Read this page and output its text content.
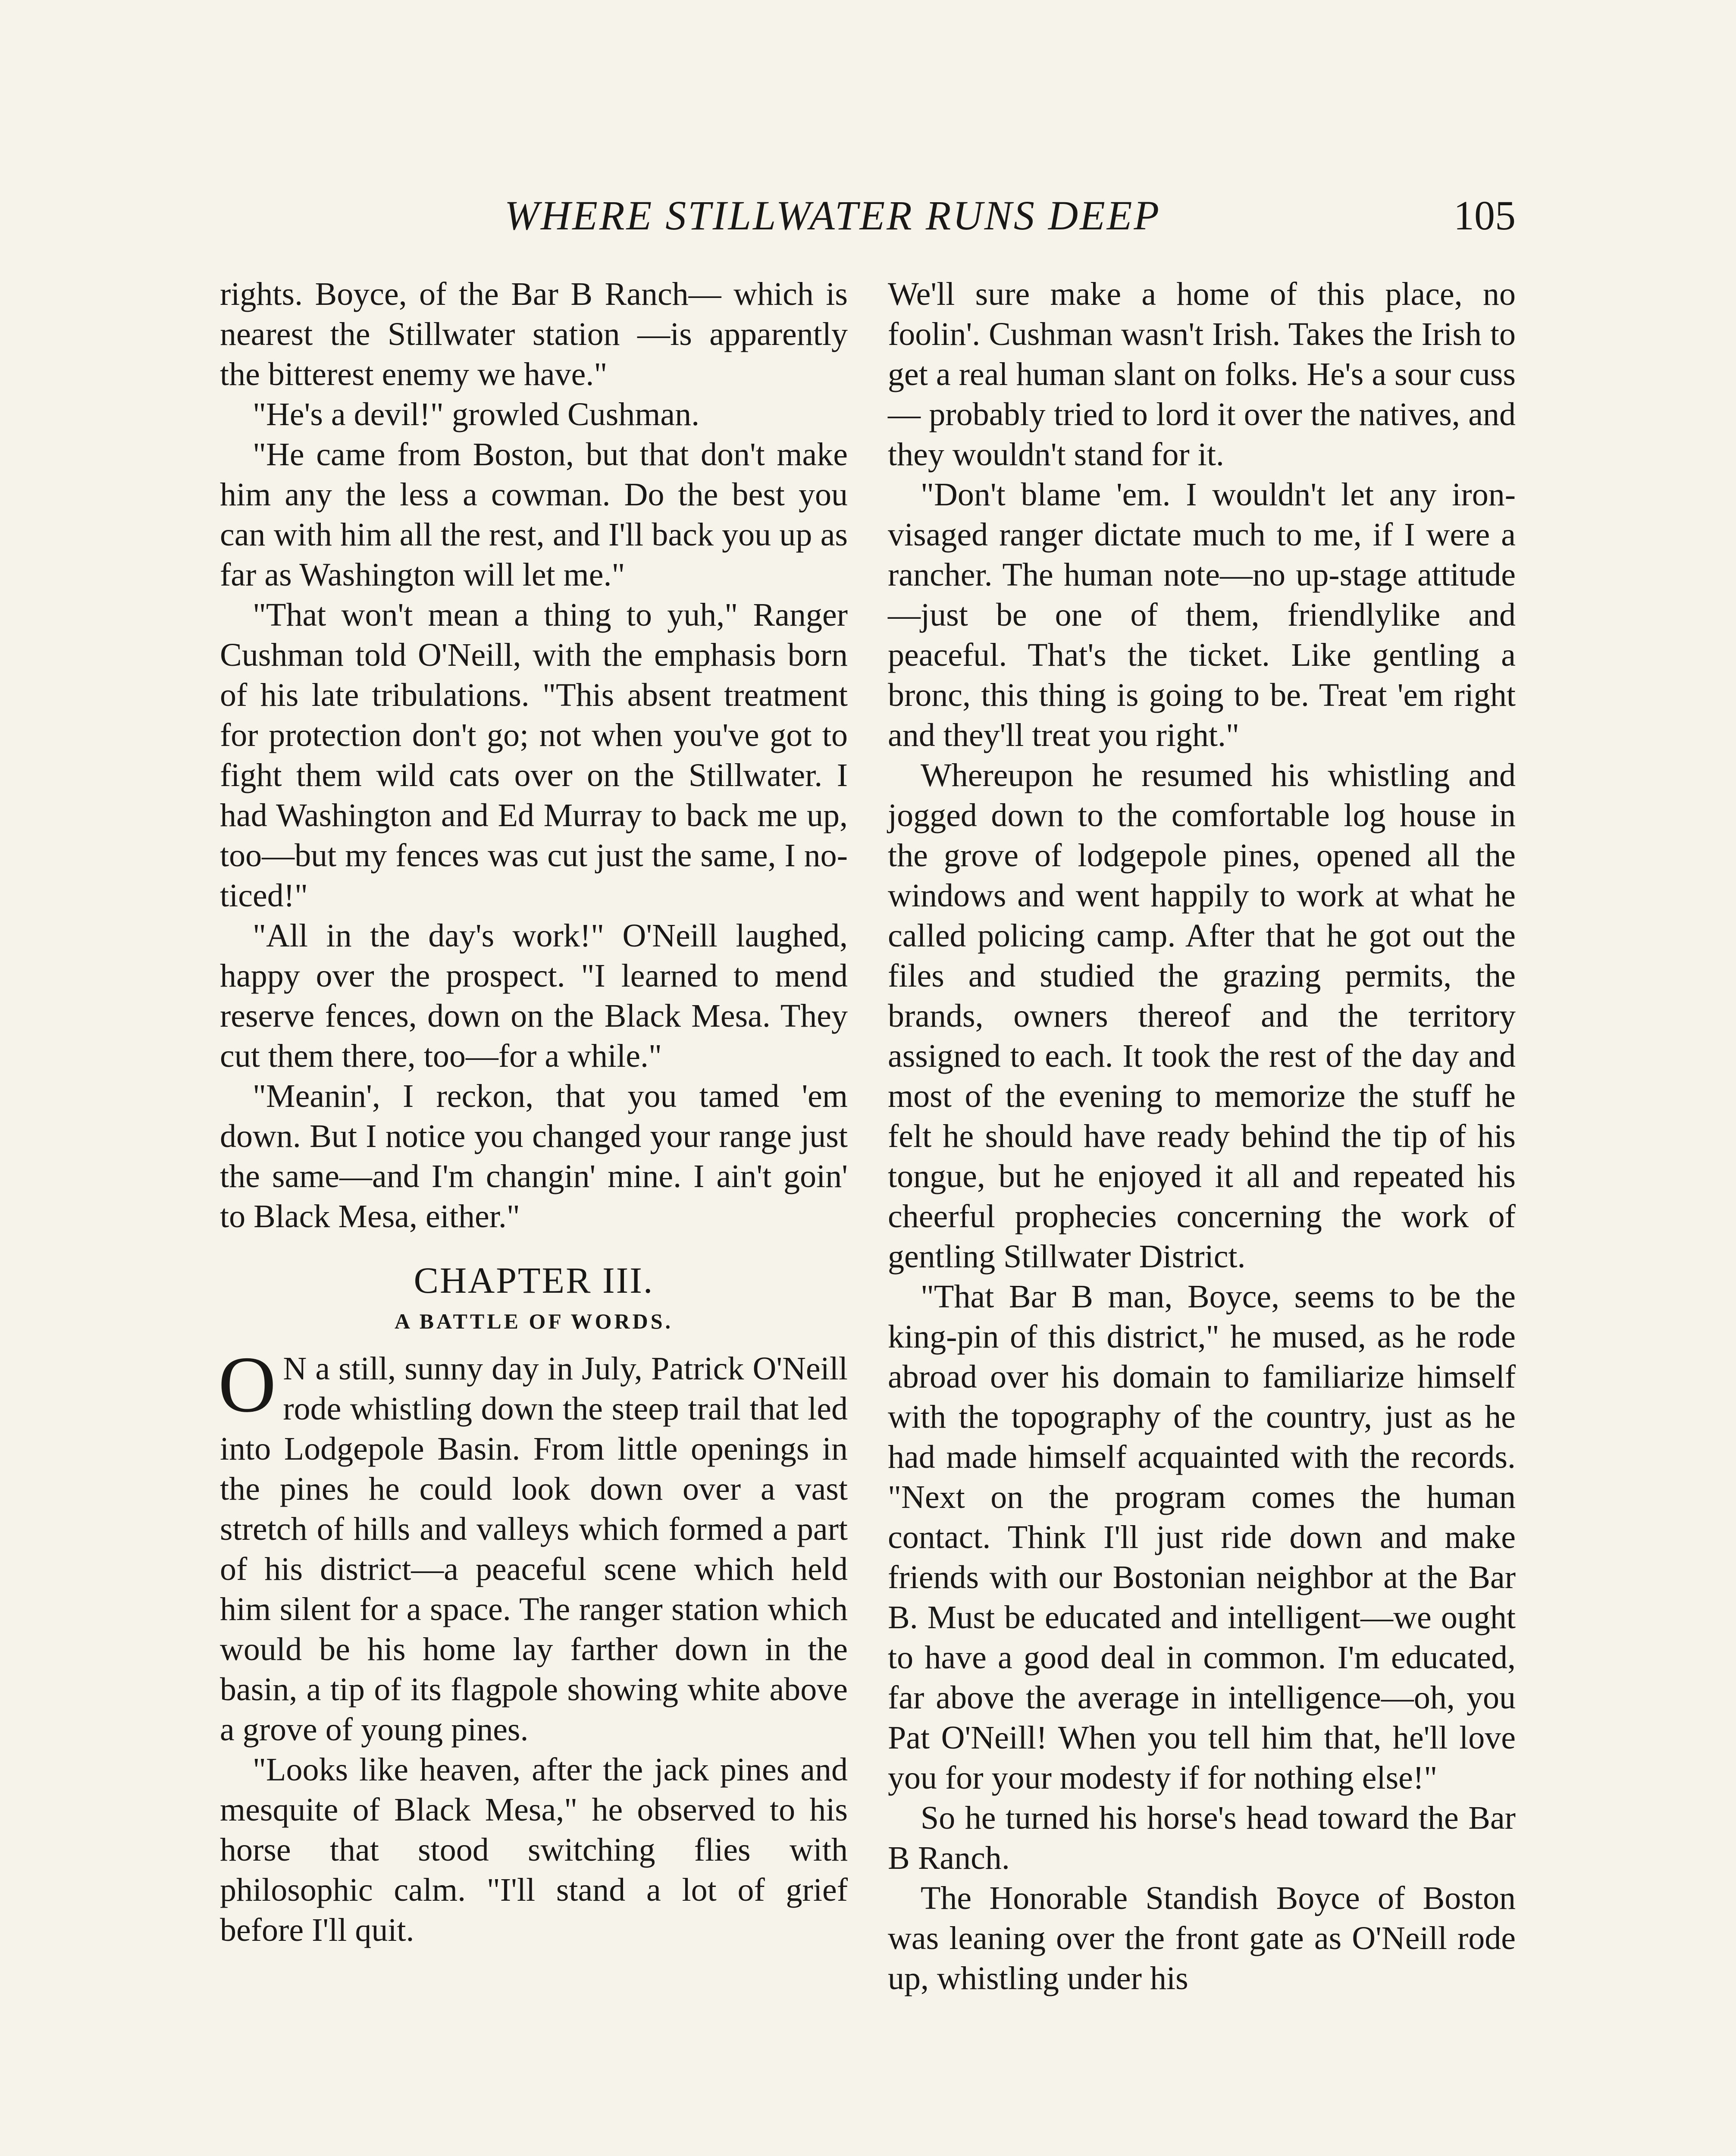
WHERE STILLWATER RUNS DEEP	105

rights. Boyce, of the Bar B Ranch— which is nearest the Stillwater station —is apparently the bitterest enemy we have."

"He's a devil!" growled Cushman.

"He came from Boston, but that don't make him any the less a cowman. Do the best you can with him all the rest, and I'll back you up as far as Washington will let me."

"That won't mean a thing to yuh," Ranger Cushman told O'Neill, with the emphasis born of his late tribulations. "This absent treatment for protection don't go; not when you've got to fight them wild cats over on the Stillwater. I had Washington and Ed Murray to back me up, too—but my fences was cut just the same, I noticed!"

"All in the day's work!" O'Neill laughed, happy over the prospect. "I learned to mend reserve fences, down on the Black Mesa. They cut them there, too—for a while."

"Meanin', I reckon, that you tamed 'em down. But I notice you changed your range just the same—and I'm changin' mine. I ain't goin' to Black Mesa, either."

CHAPTER III.
A BATTLE OF WORDS.

O N a still, sunny day in July, Patrick O'Neill rode whistling down the steep trail that led into Lodgepole Basin. From little openings in the pines he could look down over a vast stretch of hills and valleys which formed a part of his district—a peaceful scene which held him silent for a space. The ranger station which would be his home lay farther down in the basin, a tip of its flagpole showing white above a grove of young pines.

"Looks like heaven, after the jack pines and mesquite of Black Mesa," he observed to his horse that stood switching flies with philosophic calm. "I'll stand a lot of grief before I'll quit.

We'll sure make a home of this place, no foolin'. Cushman wasn't Irish. Takes the Irish to get a real human slant on folks. He's a sour cuss— probably tried to lord it over the natives, and they wouldn't stand for it.

"Don't blame 'em. I wouldn't let any iron-visaged ranger dictate much to me, if I were a rancher. The human note—no up-stage attitude—just be one of them, friendlylike and peaceful. That's the ticket. Like gentling a bronc, this thing is going to be. Treat 'em right and they'll treat you right."

Whereupon he resumed his whistling and jogged down to the comfortable log house in the grove of lodgepole pines, opened all the windows and went happily to work at what he called policing camp. After that he got out the files and studied the grazing permits, the brands, owners thereof and the territory assigned to each. It took the rest of the day and most of the evening to memorize the stuff he felt he should have ready behind the tip of his tongue, but he enjoyed it all and repeated his cheerful prophecies concerning the work of gentling Stillwater District.

"That Bar B man, Boyce, seems to be the king-pin of this district," he mused, as he rode abroad over his domain to familiarize himself with the topography of the country, just as he had made himself acquainted with the records. "Next on the program comes the human contact. Think I'll just ride down and make friends with our Bostonian neighbor at the Bar B. Must be educated and intelligent—we ought to have a good deal in common. I'm educated, far above the average in intelligence—oh, you Pat O'Neill! When you tell him that, he'll love you for your modesty if for nothing else!"

So he turned his horse's head toward the Bar B Ranch.

The Honorable Standish Boyce of Boston was leaning over the front gate as O'Neill rode up, whistling under his
